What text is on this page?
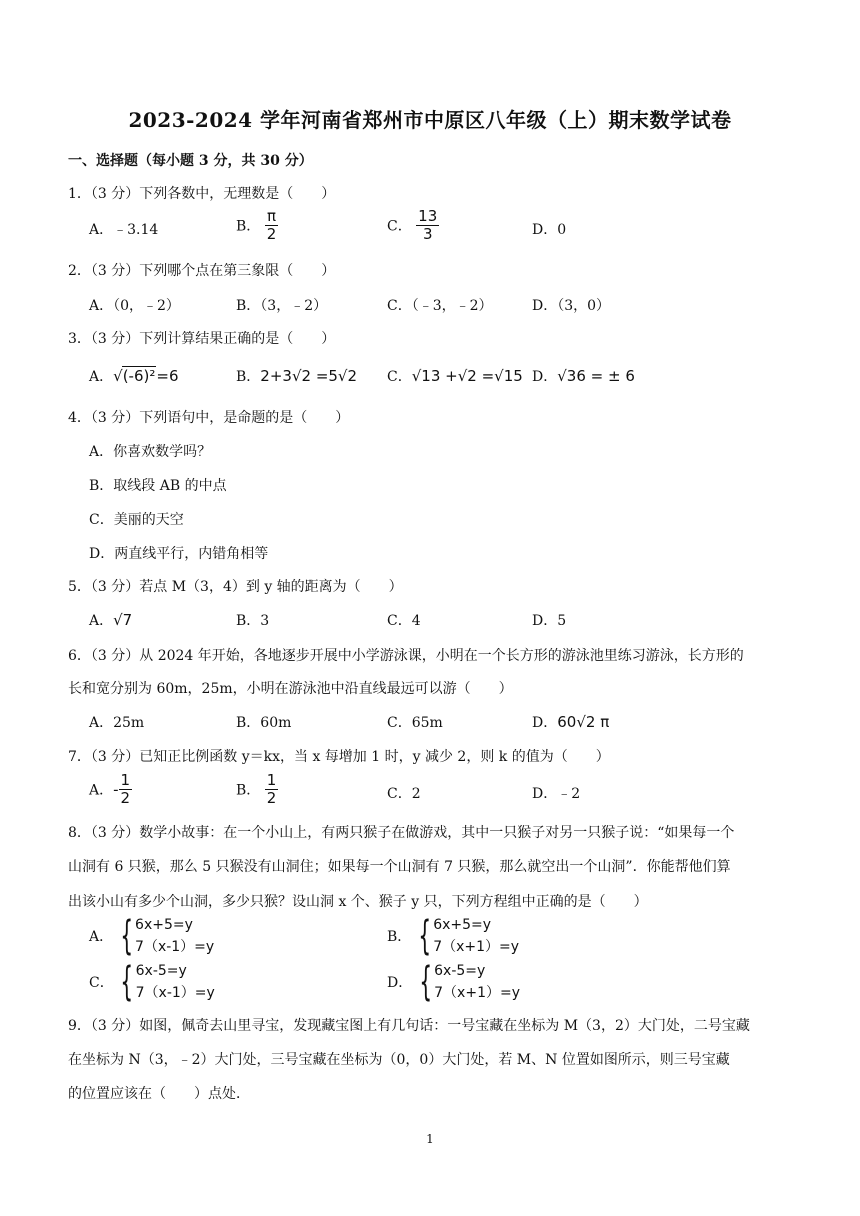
2023-2024 学年河南省郑州市中原区八年级（上）期末数学试卷
一、选择题（每小题 3 分，共 30 分）
1．（3 分）下列各数中，无理数是（　　）
A．﹣3.14	B． $\frac{\pi}{2}$	C． $\frac{13}{3}$	D．0
2．（3 分）下列哪个点在第三象限（　　）
A．（0，﹣2）	B．（3，﹣2）	C．（﹣3，﹣2）	D．（3，0）
3．（3 分）下列计算结果正确的是（　　）
A．√(-6)²=6	B．2+3√2 =5√2 C．√13 +√2 =√15 D．√36 = ± 6
4．（3 分）下列语句中，是命题的是（　　）
A．你喜欢数学吗？
B．取线段 AB 的中点
C．美丽的天空
D．两直线平行，内错角相等
5．（3 分）若点 M（3，4）到 y 轴的距离为（　　）
A．√7	B．3	C．4	D．5
6．（3 分）从 2024 年开始，各地逐步开展中小学游泳课，小明在一个长方形的游泳池里练习游泳，长方形的
长和宽分别为 60m，25m，小明在游泳池中沿直线最远可以游（　　）
A．25m	B．60m	C．65m	D．60√2 π
7．（3 分）已知正比例函数 y＝kx，当 x 每增加 1 时，y 减少 2，则 k 的值为（　　）
A．- $\frac{1}{2}$	B． $\frac{1}{2}$	C．2	D．﹣2
8．（3 分）数学小故事：在一个小山上，有两只猴子在做游戏，其中一只猴子对另一只猴子说：“如果每一个
山洞有 6 只猴，那么 5 只猴没有山洞住；如果每一个山洞有 7 只猴，那么就空出一个山洞”．你能帮他们算
出该小山有多少个山洞，多少只猴？设山洞 x 个、猴子 y 只，下列方程组中正确的是（　　）
A． { 6x+5=y
7（x-1）=y
B． { 6x+5=y
7（x+1）=y
C． { 6x-5=y
7（x-1）=y
D． { 6x-5=y
7（x+1）=y
9．（3 分）如图，佩奇去山里寻宝，发现藏宝图上有几句话：一号宝藏在坐标为 M（3，2）大门处，二号宝藏
在坐标为 N（3，﹣2）大门处，三号宝藏在坐标为（0，0）大门处，若 M、N 位置如图所示，则三号宝藏
的位置应该在（　　）点处．
1
